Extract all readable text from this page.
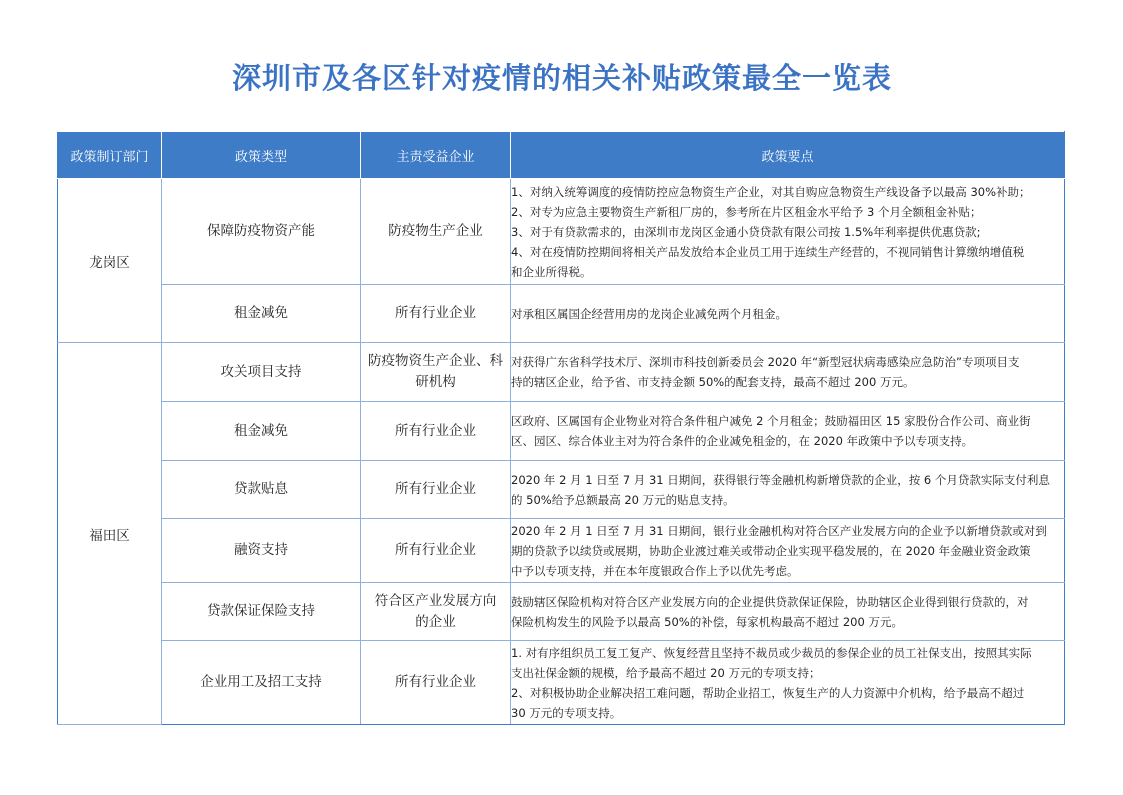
深圳市及各区针对疫情的相关补贴政策最全一览表
政策制订部门	政策类型	主责受益企业	政策要点
龙岗区	保障防疫物资产能	防疫物生产企业	1、对纳入统筹调度的疫情防控应急物资生产企业，对其自购应急物资生产线设备予以最高 30%补助；
2、对专为应急主要物资生产新租厂房的，参考所在片区租金水平给予 3 个月全额租金补贴；
3、对于有贷款需求的，由深圳市龙岗区金通小贷贷款有限公司按 1.5%年利率提供优惠贷款;
4、对在疫情防控期间将相关产品发放给本企业员工用于连续生产经营的，不视同销售计算缴纳增值税
和企业所得税。

	租金减免	所有行业企业	对承租区属国企经营用房的龙岗企业减免两个月租金。

福田区	攻关项目支持	防疫物资生产企业、科
研机构	对获得广东省科学技术厅、深圳市科技创新委员会 2020 年“新型冠状病毒感染应急防治”专项项目支
持的辖区企业，给予省、市支持金额 50%的配套支持，最高不超过 200 万元。

	租金减免	所有行业企业	区政府、区属国有企业物业对符合条件租户减免 2 个月租金；鼓励福田区 15 家股份合作公司、商业街
区、园区、综合体业主对为符合条件的企业减免租金的，在 2020 年政策中予以专项支持。

	贷款贴息	所有行业企业	2020 年 2 月 1 日至 7 月 31 日期间，获得银行等金融机构新增贷款的企业，按 6 个月贷款实际支付利息
的 50%给予总额最高 20 万元的贴息支持。

	融资支持	所有行业企业	2020 年 2 月 1 日至 7 月 31 日期间，银行业金融机构对符合区产业发展方向的企业予以新增贷款或对到
期的贷款予以续贷或展期，协助企业渡过难关或带动企业实现平稳发展的，在 2020 年金融业资金政策
中予以专项支持，并在本年度银政合作上予以优先考虑。

	贷款保证保险支持	符合区产业发展方向
的企业	鼓励辖区保险机构对符合区产业发展方向的企业提供贷款保证保险，协助辖区企业得到银行贷款的，对
保险机构发生的风险予以最高 50%的补偿，每家机构最高不超过 200 万元。

	企业用工及招工支持	所有行业企业	1. 对有序组织员工复工复产、恢复经营且坚持不裁员或少裁员的参保企业的员工社保支出，按照其实际
支出社保金额的规模，给予最高不超过 20 万元的专项支持；
2、对积极协助企业解决招工难问题，帮助企业招工，恢复生产的人力资源中介机构，给予最高不超过
30 万元的专项支持。
